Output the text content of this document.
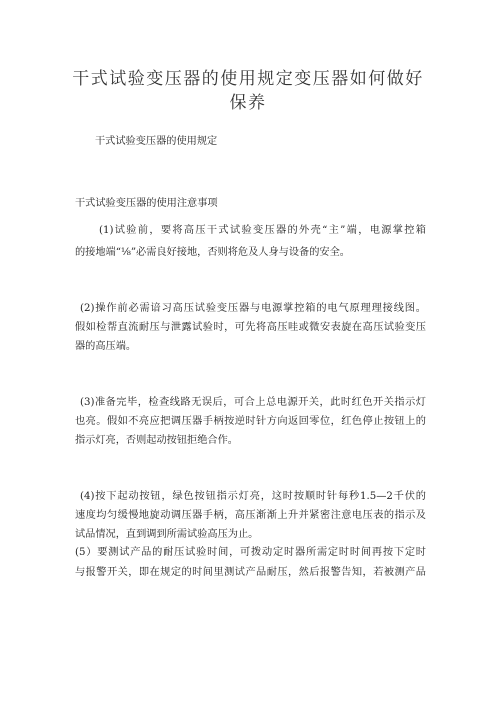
干式试验变压器的使用规定变压器如何做好
保养
干式试验变压器的使用规定
干式试验变压器的使用注意事项
(1)试验前，要将高压干式试验变压器的外壳“主”端，电源掌控箱
的接地端“⅛”必需良好接地，否则将危及人身与设备的安全。
(2)操作前必需谙习高压试验变压器与电源掌控箱的电气原理理接线图。
假如检帮直流耐压与泄露试验时，可先将高压哇或微安表旋在高压试验变压
器的高压端。
(3)准备完毕，检查线路无误后，可合上总电源开关，此时红色开关指示灯
也亮。假如不亮应把调压器手柄按逆时针方向返回零位，红色停止按钮上的
指示灯亮，否则起动按钮拒绝合作。
(4)按下起动按钮，绿色按钮指示灯亮，这时按顺时针每秒1.5—2千伏的
速度均匀缓慢地旋动调压器手柄，高压渐渐上升并紧密注意电压表的指示及
试品情况，直到调到所需试验高压为止。
(5）要测试产品的耐压试验时间，可拨动定时器所需定时时间再按下定时
与报警开关，即在规定的时间里测试产品耐压，然后报警告知，若被测产品
